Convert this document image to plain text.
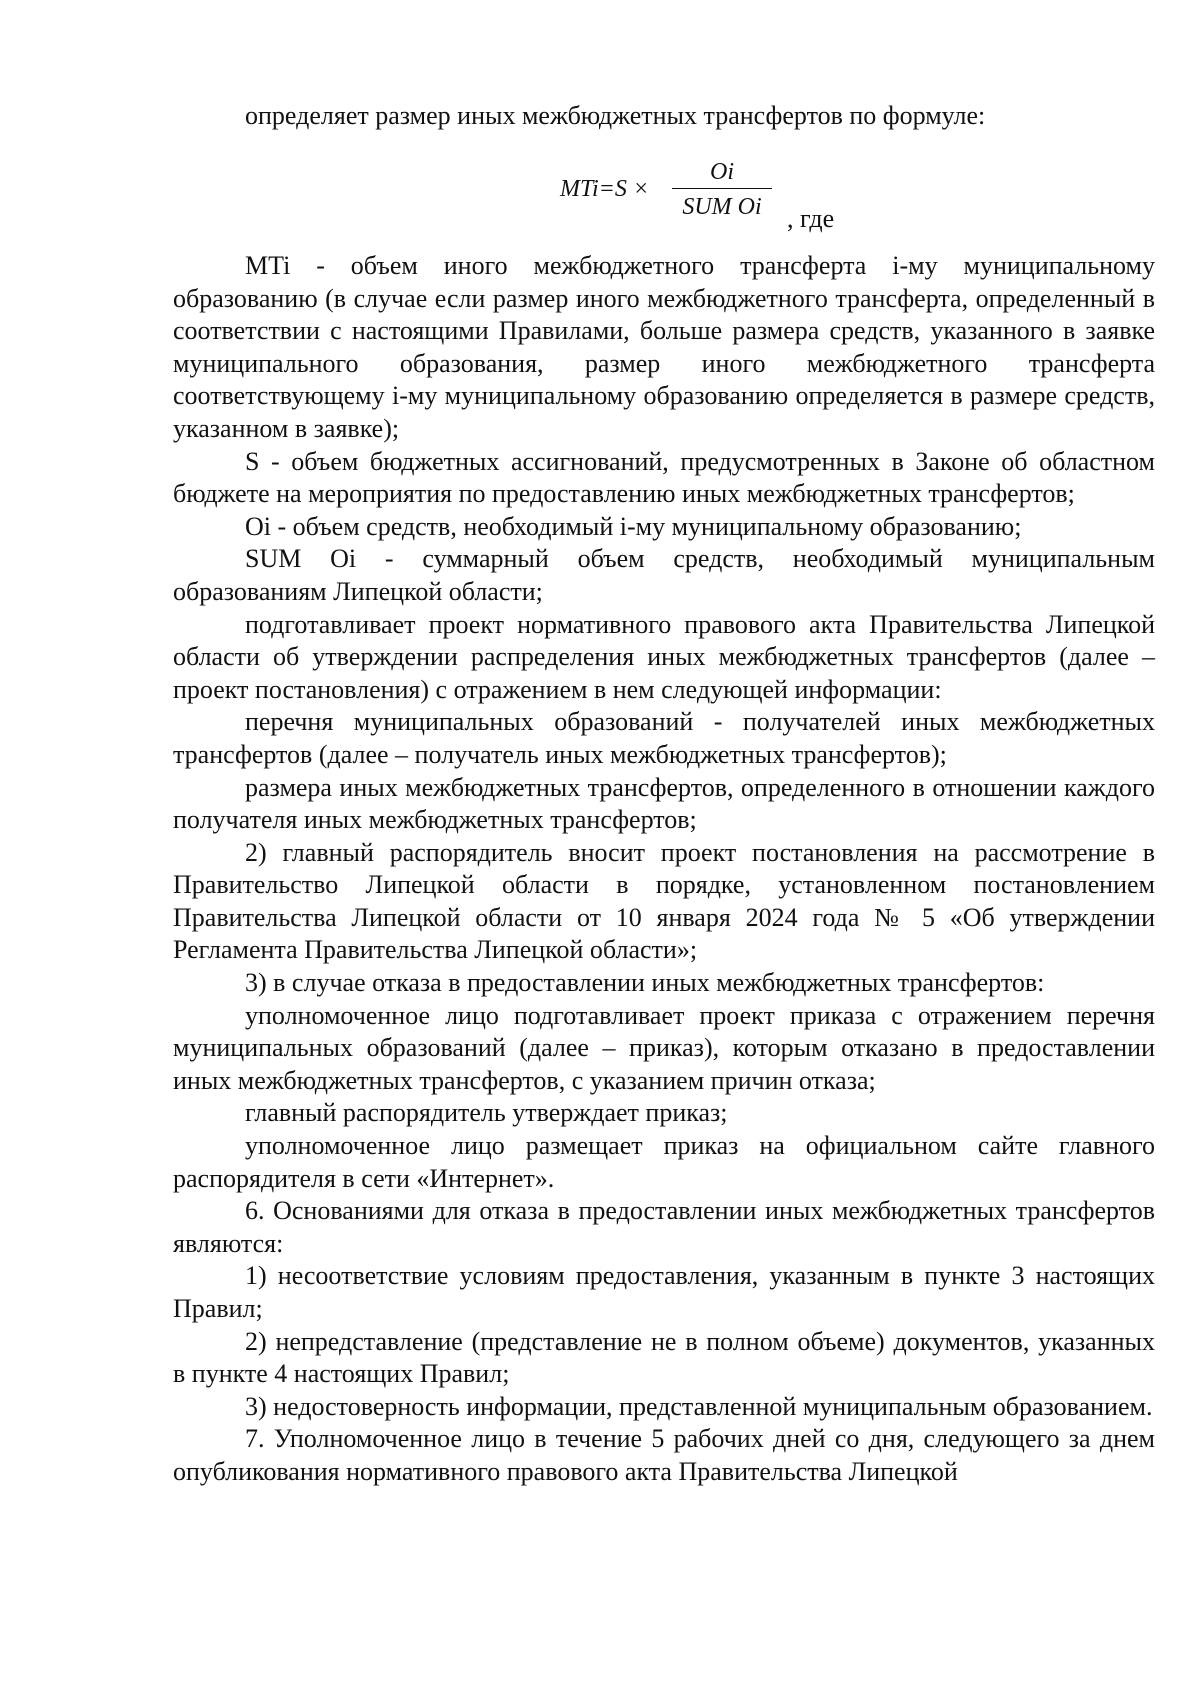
определяет размер иных межбюджетных трансфертов по формуле:
MTi=S ×
Oi
SUM Oi , где

MTi - объем иного межбюджетного трансферта i-му муниципальному образованию (в случае если размер иного межбюджетного трансферта, определенный в соответствии с настоящими Правилами, больше размера средств, указанного в заявке муниципального образования, размер иного межбюджетного трансферта соответствующему i-му муниципальному образованию определяется в размере средств, указанном в заявке);

S - объем бюджетных ассигнований, предусмотренных в Законе об областном бюджете на мероприятия по предоставлению иных межбюджетных трансфертов;

Oi - объем средств, необходимый i-му муниципальному образованию;

SUM Oi - суммарный объем средств, необходимый муниципальным образованиям Липецкой области;

подготавливает проект нормативного правового акта Правительства Липецкой области об утверждении распределения иных межбюджетных трансфертов (далее – проект постановления) с отражением в нем следующей информации:

перечня муниципальных образований - получателей иных межбюджетных трансфертов (далее – получатель иных межбюджетных трансфертов);

размера иных межбюджетных трансфертов, определенного в отношении каждого получателя иных межбюджетных трансфертов;

2) главный распорядитель вносит проект постановления на рассмотрение в Правительство Липецкой области в порядке, установленном постановлением Правительства Липецкой области от 10 января 2024 года № 5 «Об утверждении Регламента Правительства Липецкой области»;

3) в случае отказа в предоставлении иных межбюджетных трансфертов:

уполномоченное лицо подготавливает проект приказа с отражением перечня муниципальных образований (далее – приказ), которым отказано в предоставлении иных межбюджетных трансфертов, с указанием причин отказа;

главный распорядитель утверждает приказ;

уполномоченное лицо размещает приказ на официальном сайте главного распорядителя в сети «Интернет».

6. Основаниями для отказа в предоставлении иных межбюджетных трансфертов являются:

1) несоответствие условиям предоставления, указанным в пункте 3 настоящих Правил;

2) непредставление (представление не в полном объеме) документов, указанных в пункте 4 настоящих Правил;

3) недостоверность информации, представленной муниципальным образованием.

7. Уполномоченное лицо в течение 5 рабочих дней со дня, следующего за днем опубликования нормативного правового акта Правительства Липецкой
